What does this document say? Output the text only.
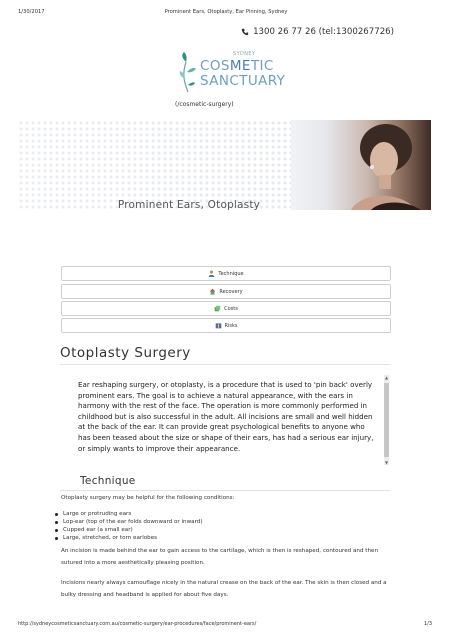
1/30/2017	Prominent Ears, Otoplasty, Ear Pinning, Sydney
1300 26 77 26 (tel:1300267726)
SYDNEY
COSMETIC
SANCTUARY
(/cosmetic-surgery)
Prominent Ears, Otoplasty
Technique
Recovery
Costs
Risks
Otoplasty Surgery
Ear reshaping surgery, or otoplasty, is a procedure that is used to 'pin back' overly prominent ears. The goal is to achieve a natural appearance, with the ears in harmony with the rest of the face. The operation is more commonly performed in childhood but is also successful in the adult. All incisions are small and well hidden at the back of the ear. It can provide great psychological benefits to anyone who has been teased about the size or shape of their ears, has had a serious ear injury, or simply wants to improve their appearance.
▲
▼
Technique
Otoplasty surgery may be helpful for the following conditions:
Large or protruding ears
Lop-ear (top of the ear folds downward or inward)
Cupped ear (a small ear)
Large, stretched, or torn earlobes
An incision is made behind the ear to gain access to the cartilage, which is then is reshaped, contoured and then sutured into a more aesthetically pleasing position.
Incisions nearly always camouflage nicely in the natural crease on the back of the ear. The skin is then closed and a bulky dressing and headband is applied for about five days.
http://sydneycosmeticsanctuary.com.au/cosmetic-surgery/ear-procedures/face/prominent-ears/	1/3
